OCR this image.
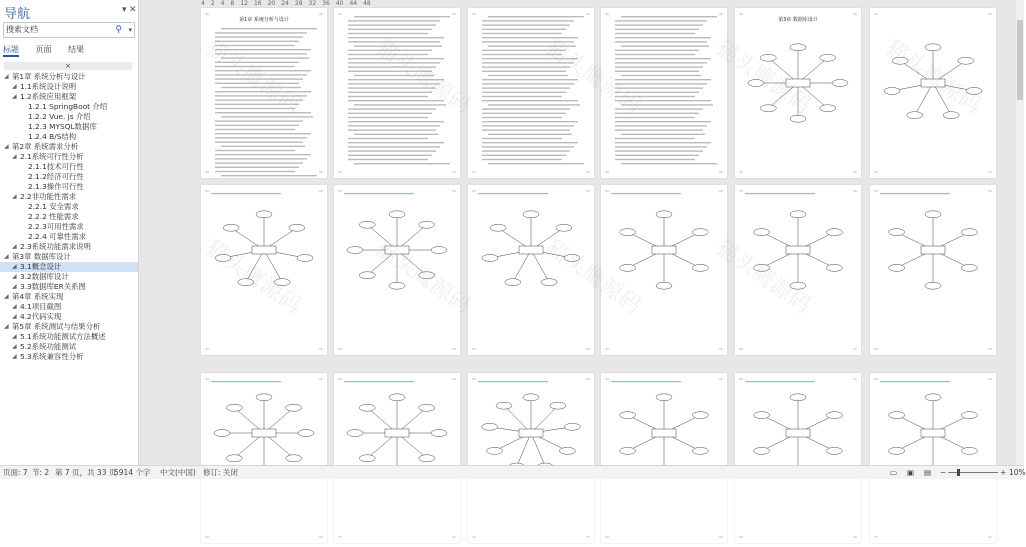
导航	▾ ✕
搜索文档	⚲ ▾
标题 页面 结果
×
◢ 第1章 系统分析与设计
◢ 1.1系统设计说明
◢ 1.2系统应用框架
1.2.1 SpringBoot 介绍
1.2.2 Vue. js 介绍
1.2.3 MYSQL数据库
1.2.4 B/S结构
◢ 第2章 系统需求分析
◢ 2.1系统可行性分析
2.1.1技术可行性
2.1.2经济可行性
2.1.3操作可行性
◢ 2.2非功能性需求
2.2.1 安全需求
2.2.2 性能需求
2.2.3可用性需求
2.2.4 可靠性需求
◢ 2.3系统功能需求说明
◢ 第3章 数据库设计
◢ 3.1概念设计
◢ 3.2数据库设计
◢ 3.3数据库ER关系图
◢ 第4章 系统实现
◢ 4.1项目截图
◢ 4.2代码实现
◢ 第5章 系统测试与结果分析
◢ 5.1系统功能测试方法概述
◢ 5.2系统功能测试
◢ 5.3系统兼容性分析
4 2 4 8 12 16 20 24 28 32 36 40 44 48
第1章 系统分析与设计	第3章 数据库设计
页面: 7 节: 2 第 7 页，共 33 页
5914 个字 中文(中国) 修订: 关闭	▭ ▣ ▤ −	+ 10%
